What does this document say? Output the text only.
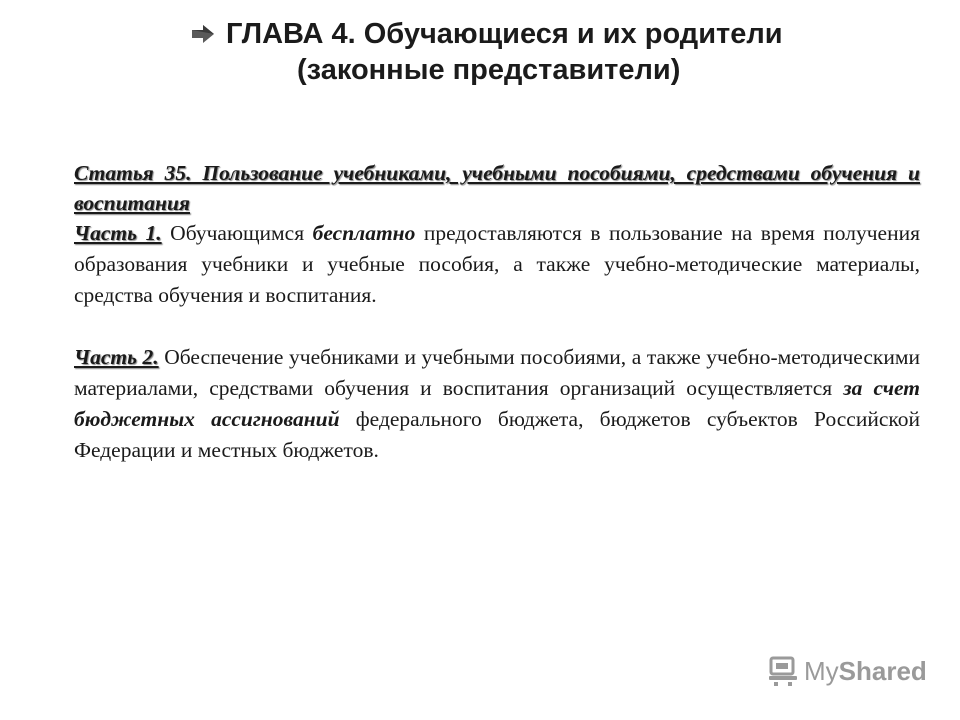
ГЛАВА 4. Обучающиеся и их родители
(законные представители)
Статья 35. Пользование учебниками, учебными пособиями, средствами обучения и воспитания

Часть 1. Обучающимся бесплатно предоставляются в пользование на время получения образования учебники и учебные пособия, а также учебно-методические материалы, средства обучения и воспитания.

Часть 2. Обеспечение учебниками и учебными пособиями, а также учебно-методическими материалами, средствами обучения и воспитания организаций осуществляется за счет бюджетных ассигнований федерального бюджета, бюджетов субъектов Российской Федерации и местных бюджетов.

My Shared
